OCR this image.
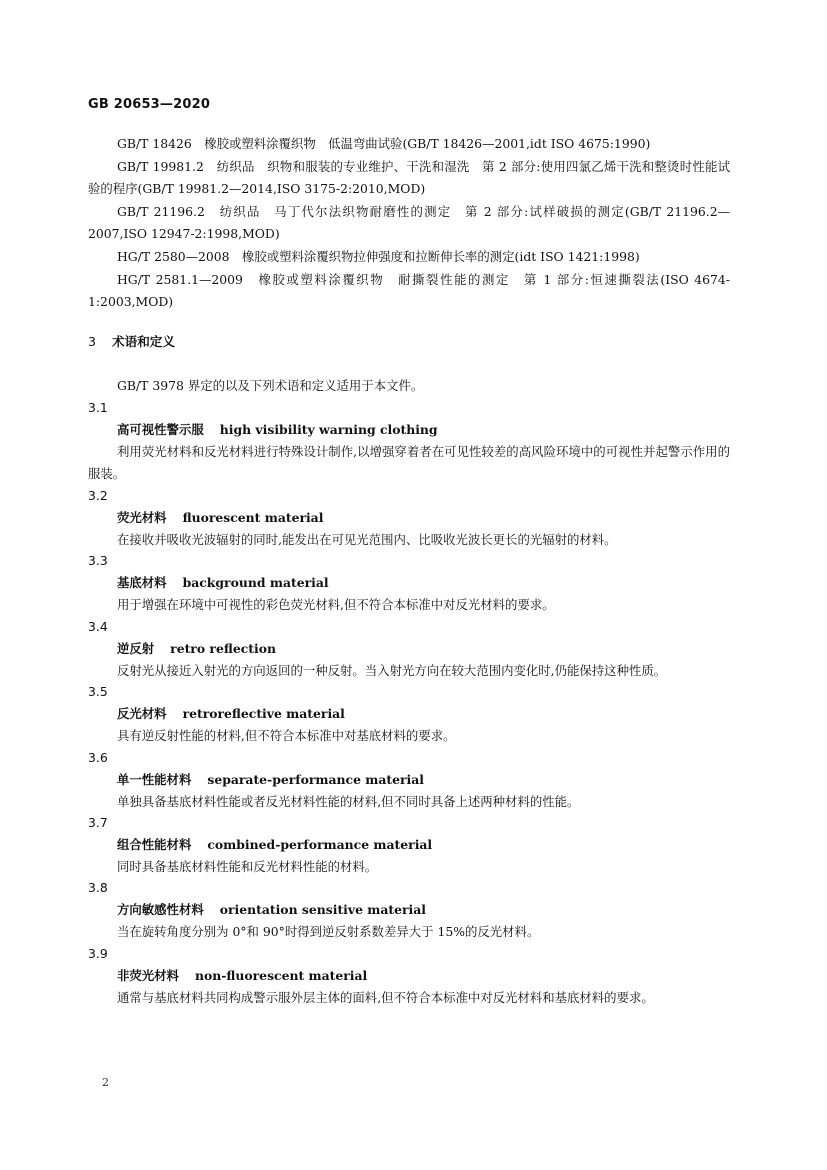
GB 20653—2020

GB/T 18426　橡胶或塑料涂覆织物　低温弯曲试验(GB/T 18426—2001,idt ISO 4675:1990)

GB/T 19981.2　纺织品　织物和服装的专业维护、干洗和湿洗　第 2 部分:使用四氯乙烯干洗和整烫时性能试验的程序(GB/T 19981.2—2014,ISO 3175-2:2010,MOD)

GB/T 21196.2　纺织品　马丁代尔法织物耐磨性的测定　第 2 部分:试样破损的测定(GB/T 21196.2—2007,ISO 12947-2:1998,MOD)

HG/T 2580—2008　橡胶或塑料涂覆织物拉伸强度和拉断伸长率的测定(idt ISO 1421:1998)

HG/T 2581.1—2009　橡胶或塑料涂覆织物　耐撕裂性能的测定　第 1 部分:恒速撕裂法(ISO 4674-1:2003,MOD)

3 术语和定义
GB/T 3978 界定的以及下列术语和定义适用于本文件。
3.1
高可视性警示服 high visibility warning clothing
利用荧光材料和反光材料进行特殊设计制作,以增强穿着者在可见性较差的高风险环境中的可视性并起警示作用的服装。
3.2
荧光材料 fluorescent material
在接收并吸收光波辐射的同时,能发出在可见光范围内、比吸收光波长更长的光辐射的材料。
3.3
基底材料 background material
用于增强在环境中可视性的彩色荧光材料,但不符合本标准中对反光材料的要求。
3.4
逆反射 retro reflection
反射光从接近入射光的方向返回的一种反射。当入射光方向在较大范围内变化时,仍能保持这种性质。
3.5
反光材料 retroreflective material
具有逆反射性能的材料,但不符合本标准中对基底材料的要求。
3.6
单一性能材料 separate-performance material
单独具备基底材料性能或者反光材料性能的材料,但不同时具备上述两种材料的性能。
3.7
组合性能材料 combined-performance material
同时具备基底材料性能和反光材料性能的材料。
3.8
方向敏感性材料 orientation sensitive material
当在旋转角度分别为 0°和 90°时得到逆反射系数差异大于 15%的反光材料。
3.9
非荧光材料 non-fluorescent material
通常与基底材料共同构成警示服外层主体的面料,但不符合本标准中对反光材料和基底材料的要求。
2
